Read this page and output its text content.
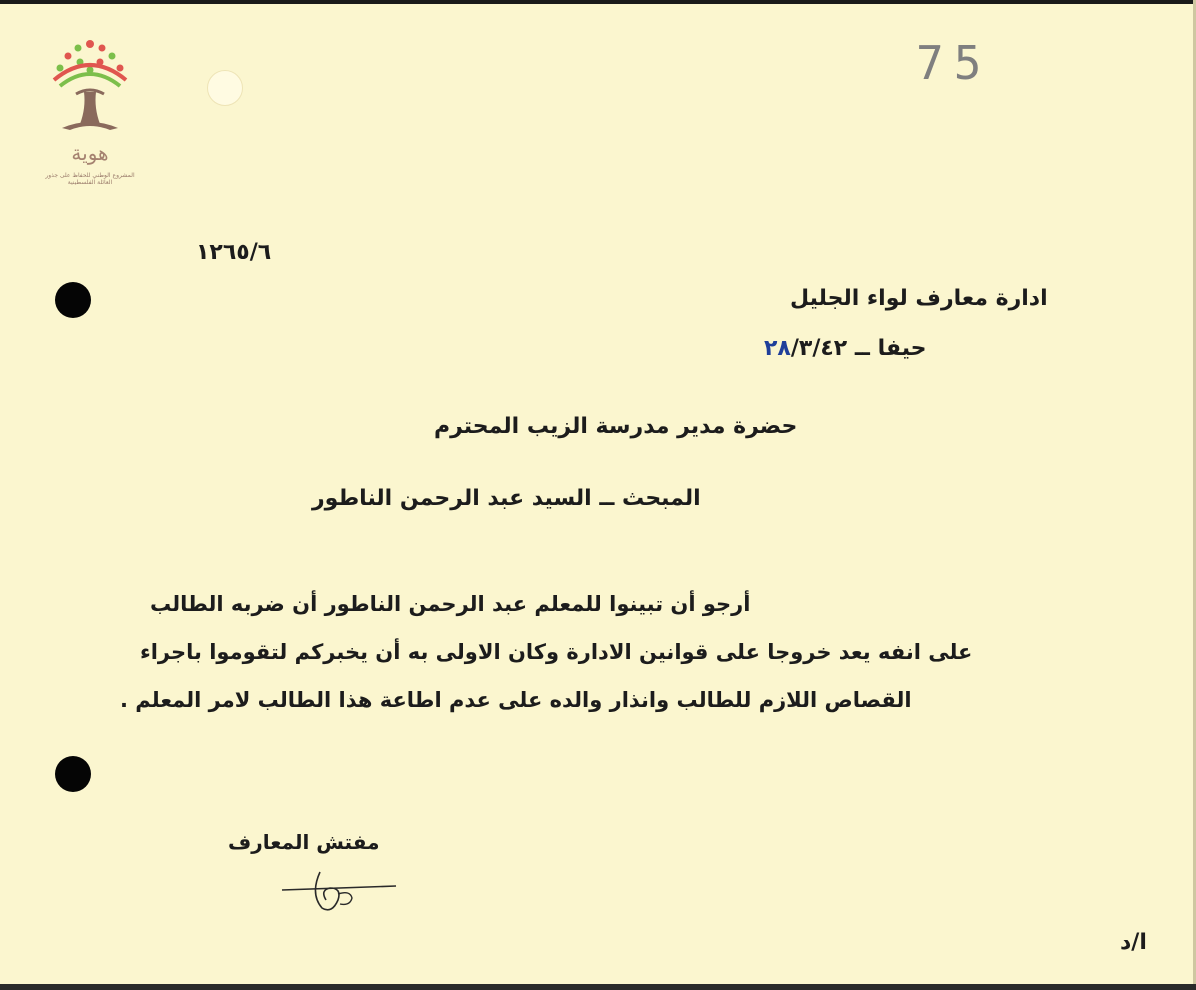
هوية
المشروع الوطني للحفاظ على جذور العائلة الفلسطينية
75
١٢٦٥/٦
ادارة معارف لواء الجليل
حيفا ــ ٢٨/٣/٤٢
حضرة مدير مدرسة الزيب المحترم
المبحث ــ السيد عبد الرحمن الناطور
أرجو أن تبينوا للمعلم عبد الرحمن الناطور أن ضربه الطالب
على انفه يعد خروجا على قوانين الادارة وكان الاولى به أن يخبركم لتقوموا باجراء
القصاص اللازم للطالب وانذار والده على عدم اطاعة هذا الطالب لامر المعلم .
مفتش المعارف
ا/د
